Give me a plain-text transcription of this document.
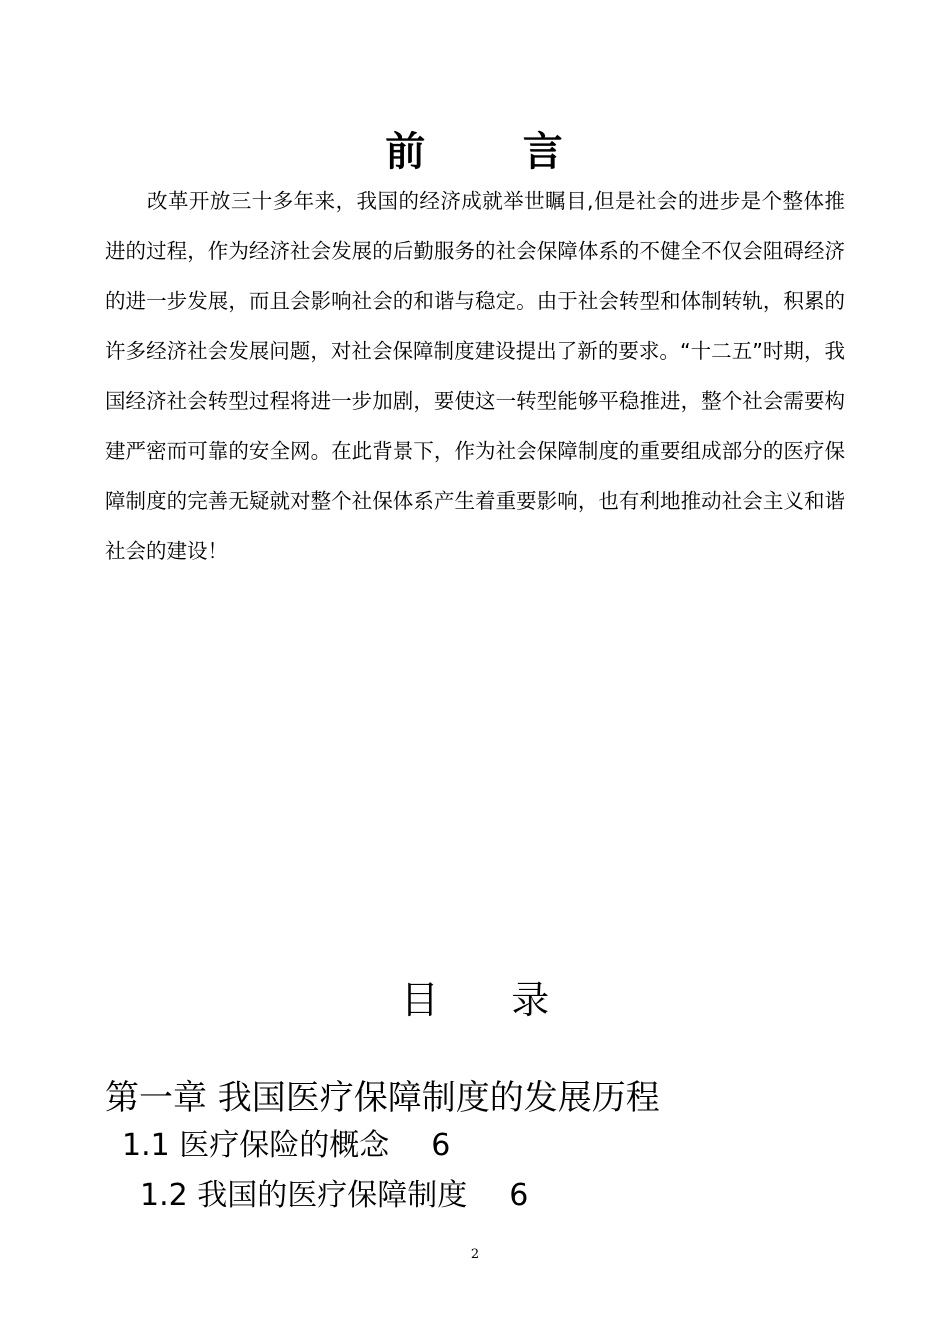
前      言

改革开放三十多年来，我国的经济成就举世瞩目,但是社会的进步是个整体推进的过程，作为经济社会发展的后勤服务的社会保障体系的不健全不仅会阻碍经济的进一步发展，而且会影响社会的和谐与稳定。由于社会转型和体制转轨，积累的许多经济社会发展问题，对社会保障制度建设提出了新的要求。“十二五”时期，我国经济社会转型过程将进一步加剧，要使这一转型能够平稳推进，整个社会需要构建严密而可靠的安全网。在此背景下，作为社会保障制度的重要组成部分的医疗保障制度的完善无疑就对整个社保体系产生着重要影响，也有利地推动社会主义和谐社会的建设！

目      录
第一章 我国医疗保障制度的发展历程
1.1 医疗保险的概念 6
1.2 我国的医疗保障制度 6
2
